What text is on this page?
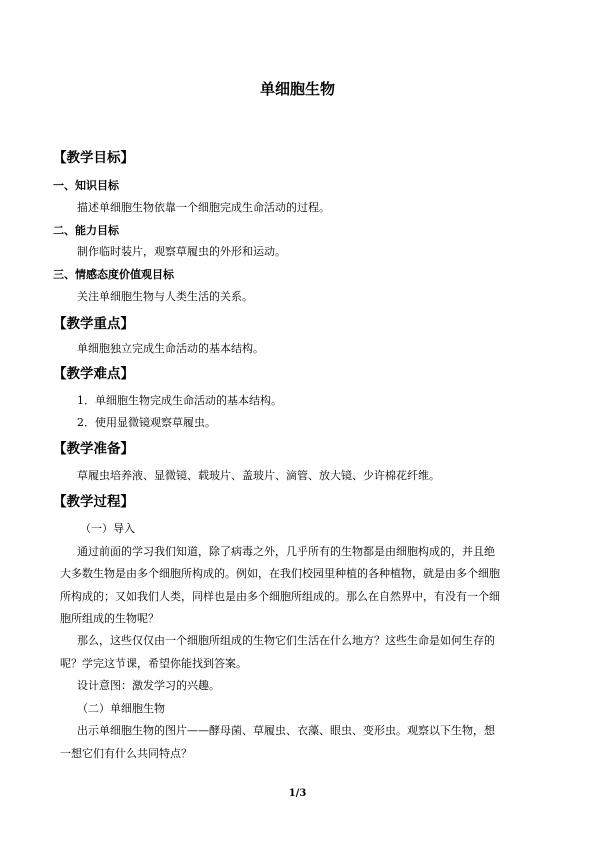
单细胞生物
【教学目标】
一、知识目标
描述单细胞生物依靠一个细胞完成生命活动的过程。
二、能力目标
制作临时装片，观察草履虫的外形和运动。
三、情感态度价值观目标
关注单细胞生物与人类生活的关系。
【教学重点】
单细胞独立完成生命活动的基本结构。
【教学难点】
1．单细胞生物完成生命活动的基本结构。
2．使用显微镜观察草履虫。
【教学准备】
草履虫培养液、显微镜、载玻片、盖玻片、滴管、放大镜、少许棉花纤维。
【教学过程】
（一）导入
通过前面的学习我们知道，除了病毒之外，几乎所有的生物都是由细胞构成的，并且绝
大多数生物是由多个细胞所构成的。例如，在我们校园里种植的各种植物，就是由多个细胞
所构成的；又如我们人类，同样也是由多个细胞所组成的。那么在自然界中，有没有一个细
胞所组成的生物呢？
那么，这些仅仅由一个细胞所组成的生物它们生活在什么地方？这些生命是如何生存的
呢？学完这节课，希望你能找到答案。
设计意图：激发学习的兴趣。
（二）单细胞生物
出示单细胞生物的图片——酵母菌、草履虫、衣藻、眼虫、变形虫。观察以下生物，想
一想它们有什么共同特点？
1/3
